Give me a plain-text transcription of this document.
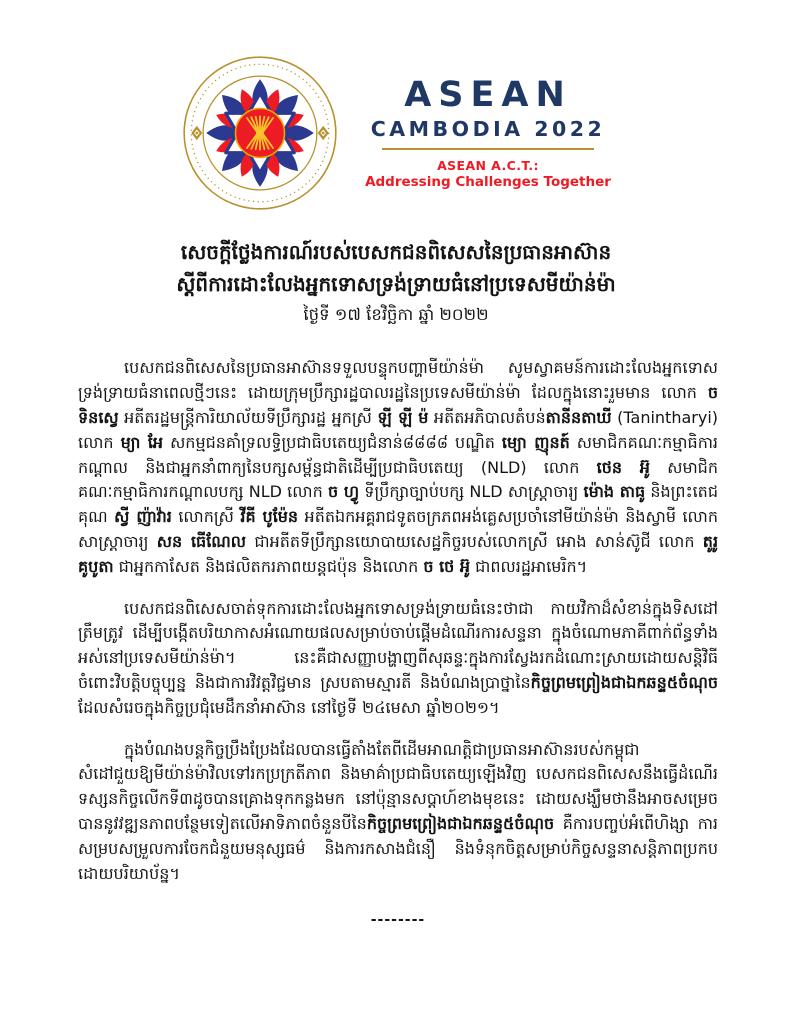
ASEAN
CAMBODIA 2022
ASEAN A.C.T.:
Addressing Challenges Together
សេចក្តីថ្លែងការណ៍របស់បេសកជនពិសេសនៃប្រធានអាស៊ាន
ស្តីពីការដោះលែងអ្នកទោសទ្រង់ទ្រាយធំនៅប្រទេសមីយ៉ាន់ម៉ា
ថ្ងៃទី ១៧ ខែវិច្ឆិកា ឆ្នាំ ២០២២

បេសកជនពិសេសនៃប្រធានអាស៊ានទទួលបន្ទុកបញ្ហាមីយ៉ាន់ម៉ា សូមស្វាគមន៍ការដោះលែងអ្នកទោសទ្រង់ទ្រាយធំនាពេលថ្មីៗនេះ ដោយក្រុមប្រឹក្សារដ្ឋបាលរដ្ឋនៃប្រទេសមីយ៉ាន់ម៉ា ដែលក្នុងនោះរួមមាន លោក ច ទិនស្វេ អតីតរដ្ឋមន្ត្រីការិយាល័យទីប្រឹក្សារដ្ឋ អ្នកស្រី ឡី ឡី ម៉ អតីតអភិបាលតំបន់តានីនតាឃី (Tanintharyi) លោក ម្យា អែ សកម្មជនគាំទ្រលទ្ធិប្រជាធិបតេយ្យជំនាន់៨៨៨៨ បណ្ឌិត ម្យោ ញុនត៍ សមាជិកគណៈកម្មាធិការកណ្តាល និងជាអ្នកនាំពាក្យនៃបក្សសម្ព័ន្ធជាតិដើម្បីប្រជាធិបតេយ្យ (NLD) លោក ថេន អ៊ូ សមាជិកគណៈកម្មាធិការកណ្តាលបក្ស NLD លោក ច ហ្វូ ទីប្រឹក្សាច្បាប់បក្ស NLD សាស្ត្រាចារ្យ ម៉ោង តាធូ និងព្រះតេជគុណ ស្វី ញ៉ាវ៉ារ លោកស្រី វីគី បូម៉ែន អតីតឯកអគ្គរាជទូតចក្រភពអង់គ្លេសប្រចាំនៅមីយ៉ាន់ម៉ា និងស្វាមី លោកសាស្ត្រាចារ្យ សន ធើណែល ជាអតីតទីប្រឹក្សានយោបាយសេដ្ឋកិច្ចរបស់លោកស្រី អោង សាន់ស៊ូជី លោក តូរូ គូបូតា ជាអ្នកកាសែត និងផលិតករភាពយន្តជប៉ុន និងលោក ច ថេ អ៊ូ ជាពលរដ្ឋអាមេរិក។

បេសកជនពិសេសចាត់ទុកការដោះលែងអ្នកទោសទ្រង់ទ្រាយធំនេះថាជា កាយវិកាដ៏សំខាន់ក្នុងទិសដៅត្រឹមត្រូវ ដើម្បីបង្កើតបរិយាកាសអំណោយផលសម្រាប់ចាប់ផ្តើមដំណើរការសន្ទនា ក្នុងចំណោមភាគីពាក់ព័ន្ធទាំងអស់នៅប្រទេសមីយ៉ាន់ម៉ា។ នេះគឺជាសញ្ញាបង្ហាញពីសុឆន្ទៈក្នុងការស្វែងរកដំណោះស្រាយដោយសន្តិវិធីចំពោះវិបត្តិបច្ចុប្បន្ន និងជាការវិវត្តវិជ្ជមាន ស្របតាមស្មារតី និងបំណងប្រាថ្នានៃកិច្ចព្រមព្រៀងជាឯកឆន្ទ៥ចំណុច ដែលសំរេចក្នុងកិច្ចប្រជុំមេដឹកនាំអាស៊ាន នៅថ្ងៃទី ២៤មេសា ឆ្នាំ២០២១។

ក្នុងបំណងបន្តកិច្ចប្រឹងប្រែងដែលបានធ្វើតាំងតែពីដើមអាណត្តិជាប្រធានអាស៊ានរបស់កម្ពុជា សំដៅជួយឱ្យមីយ៉ាន់ម៉ាវិលទៅរកប្រក្រតីភាព និងមាគ៌ាប្រជាធិបតេយ្យឡើងវិញ បេសកជនពិសេសនឹងធ្វើដំណើរទស្សនកិច្ចលើកទី៣ដូចបានគ្រោងទុកកន្លងមក នៅប៉ុន្មានសប្តាហ៍ខាងមុខនេះ ដោយសង្ឃឹមថានឹងអាចសម្រេចបាននូវវឌ្ឍនភាពបន្ថែមទៀតលើអាទិភាពចំនួនបីនៃកិច្ចព្រមព្រៀងជាឯកឆន្ទ៥ចំណុច គឺការបញ្ចប់អំពើហិង្សា ការសម្របសម្រួលការចែកជំនួយមនុស្សធម៌ និងការកសាងជំនឿ និងទំនុកចិត្តសម្រាប់កិច្ចសន្ទនាសន្តិភាពប្រកបដោយបរិយាប័ន្ន។

--------
